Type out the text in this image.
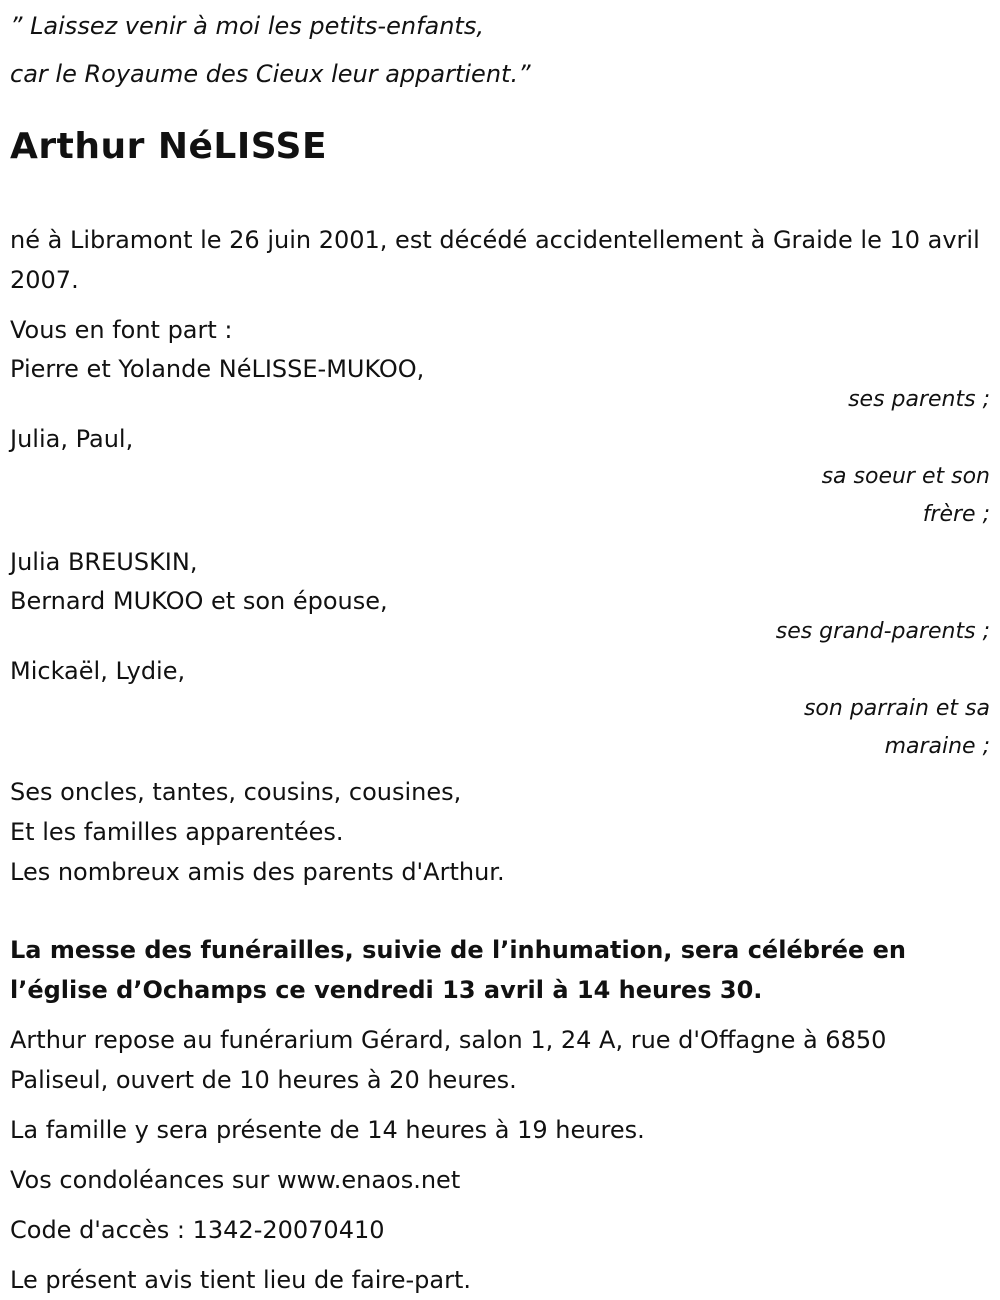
” Laissez venir à moi les petits-enfants,

car le Royaume des Cieux leur appartient.”

Arthur NéLISSE

né à Libramont le 26 juin 2001, est décédé accidentellement à Graide le 10 avril 2007.

Vous en font part :

Pierre et Yolande NéLISSE-MUKOO,

ses parents ;

Julia, Paul,

sa soeur et son frère ;

Julia BREUSKIN,

Bernard MUKOO et son épouse,

ses grand-parents ;

Mickaël, Lydie,

son parrain et sa maraine ;

Ses oncles, tantes, cousins, cousines,

Et les familles apparentées.

Les nombreux amis des parents d'Arthur.

La messe des funérailles, suivie de l’inhumation, sera célébrée en l’église d’Ochamps ce vendredi 13 avril à 14 heures 30.

Arthur repose au funérarium Gérard, salon 1, 24 A, rue d'Offagne à 6850 Paliseul, ouvert de 10 heures à 20 heures.

La famille y sera présente de 14 heures à 19 heures.

Vos condoléances sur www.enaos.net

Code d'accès : 1342-20070410

Le présent avis tient lieu de faire-part.
